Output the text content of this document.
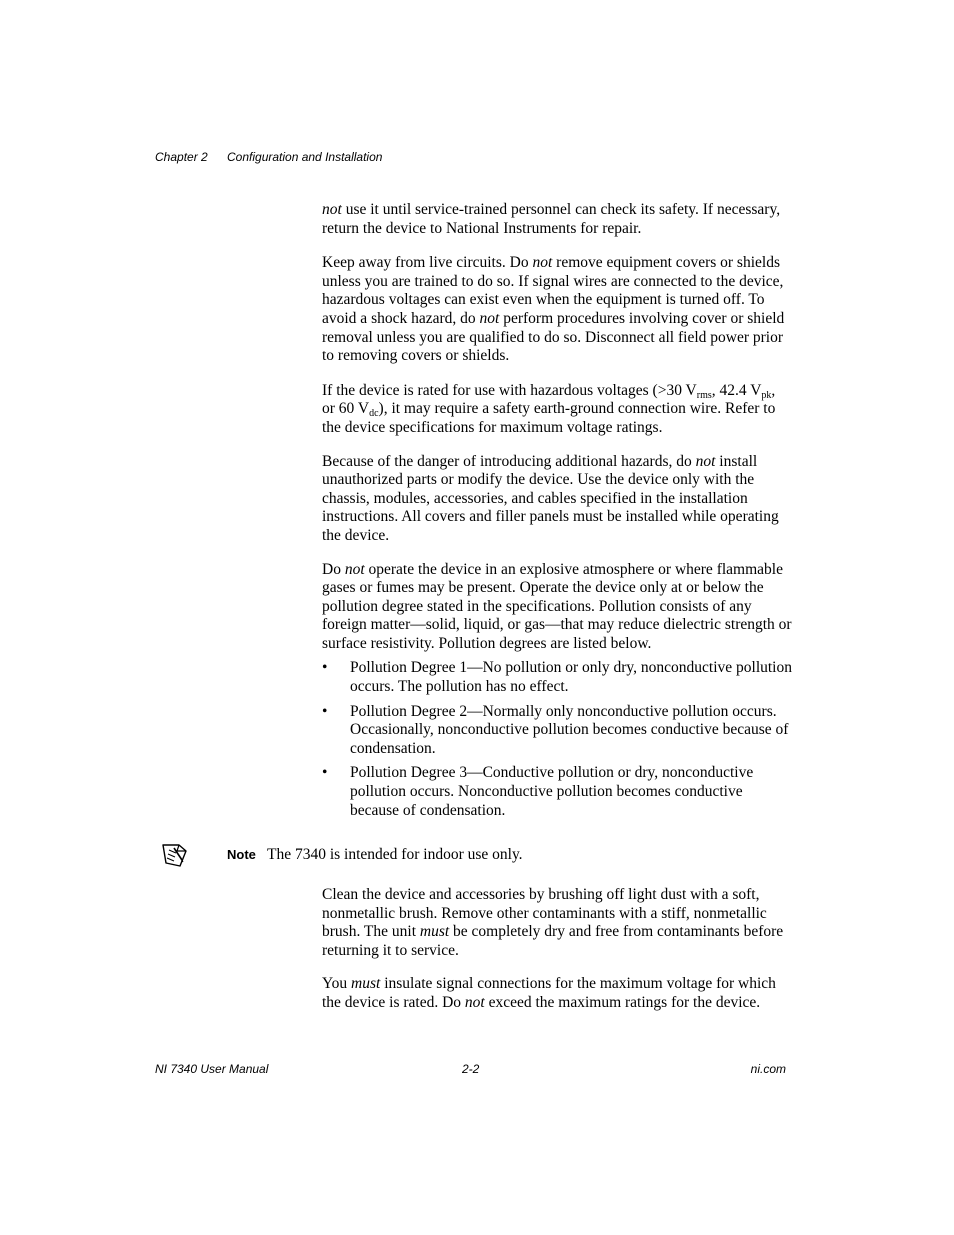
Chapter 2 Configuration and Installation

not use it until service-trained personnel can check its safety. If necessary, return the device to National Instruments for repair.

Keep away from live circuits. Do not remove equipment covers or shields unless you are trained to do so. If signal wires are connected to the device, hazardous voltages can exist even when the equipment is turned off. To avoid a shock hazard, do not perform procedures involving cover or shield removal unless you are qualified to do so. Disconnect all field power prior to removing covers or shields.

If the device is rated for use with hazardous voltages (>30 $V_{rms}$, 42.4 $V_{pk}$, or 60 $V_{dc}$), it may require a safety earth-ground connection wire. Refer to the device specifications for maximum voltage ratings.

Because of the danger of introducing additional hazards, do not install unauthorized parts or modify the device. Use the device only with the chassis, modules, accessories, and cables specified in the installation instructions. All covers and filler panels must be installed while operating the device.

Do not operate the device in an explosive atmosphere or where flammable gases or fumes may be present. Operate the device only at or below the pollution degree stated in the specifications. Pollution consists of any foreign matter—solid, liquid, or gas—that may reduce dielectric strength or surface resistivity. Pollution degrees are listed below.

• Pollution Degree 1—No pollution or only dry, nonconductive pollution occurs. The pollution has no effect.
• Pollution Degree 2—Normally only nonconductive pollution occurs. Occasionally, nonconductive pollution becomes conductive because of condensation.
• Pollution Degree 3—Conductive pollution or dry, nonconductive pollution occurs. Nonconductive pollution becomes conductive because of condensation.
Note The 7340 is intended for indoor use only.

Clean the device and accessories by brushing off light dust with a soft, nonmetallic brush. Remove other contaminants with a stiff, nonmetallic brush. The unit must be completely dry and free from contaminants before returning it to service.

You must insulate signal connections for the maximum voltage for which the device is rated. Do not exceed the maximum ratings for the device.

NI 7340 User Manual	2-2	ni.com
